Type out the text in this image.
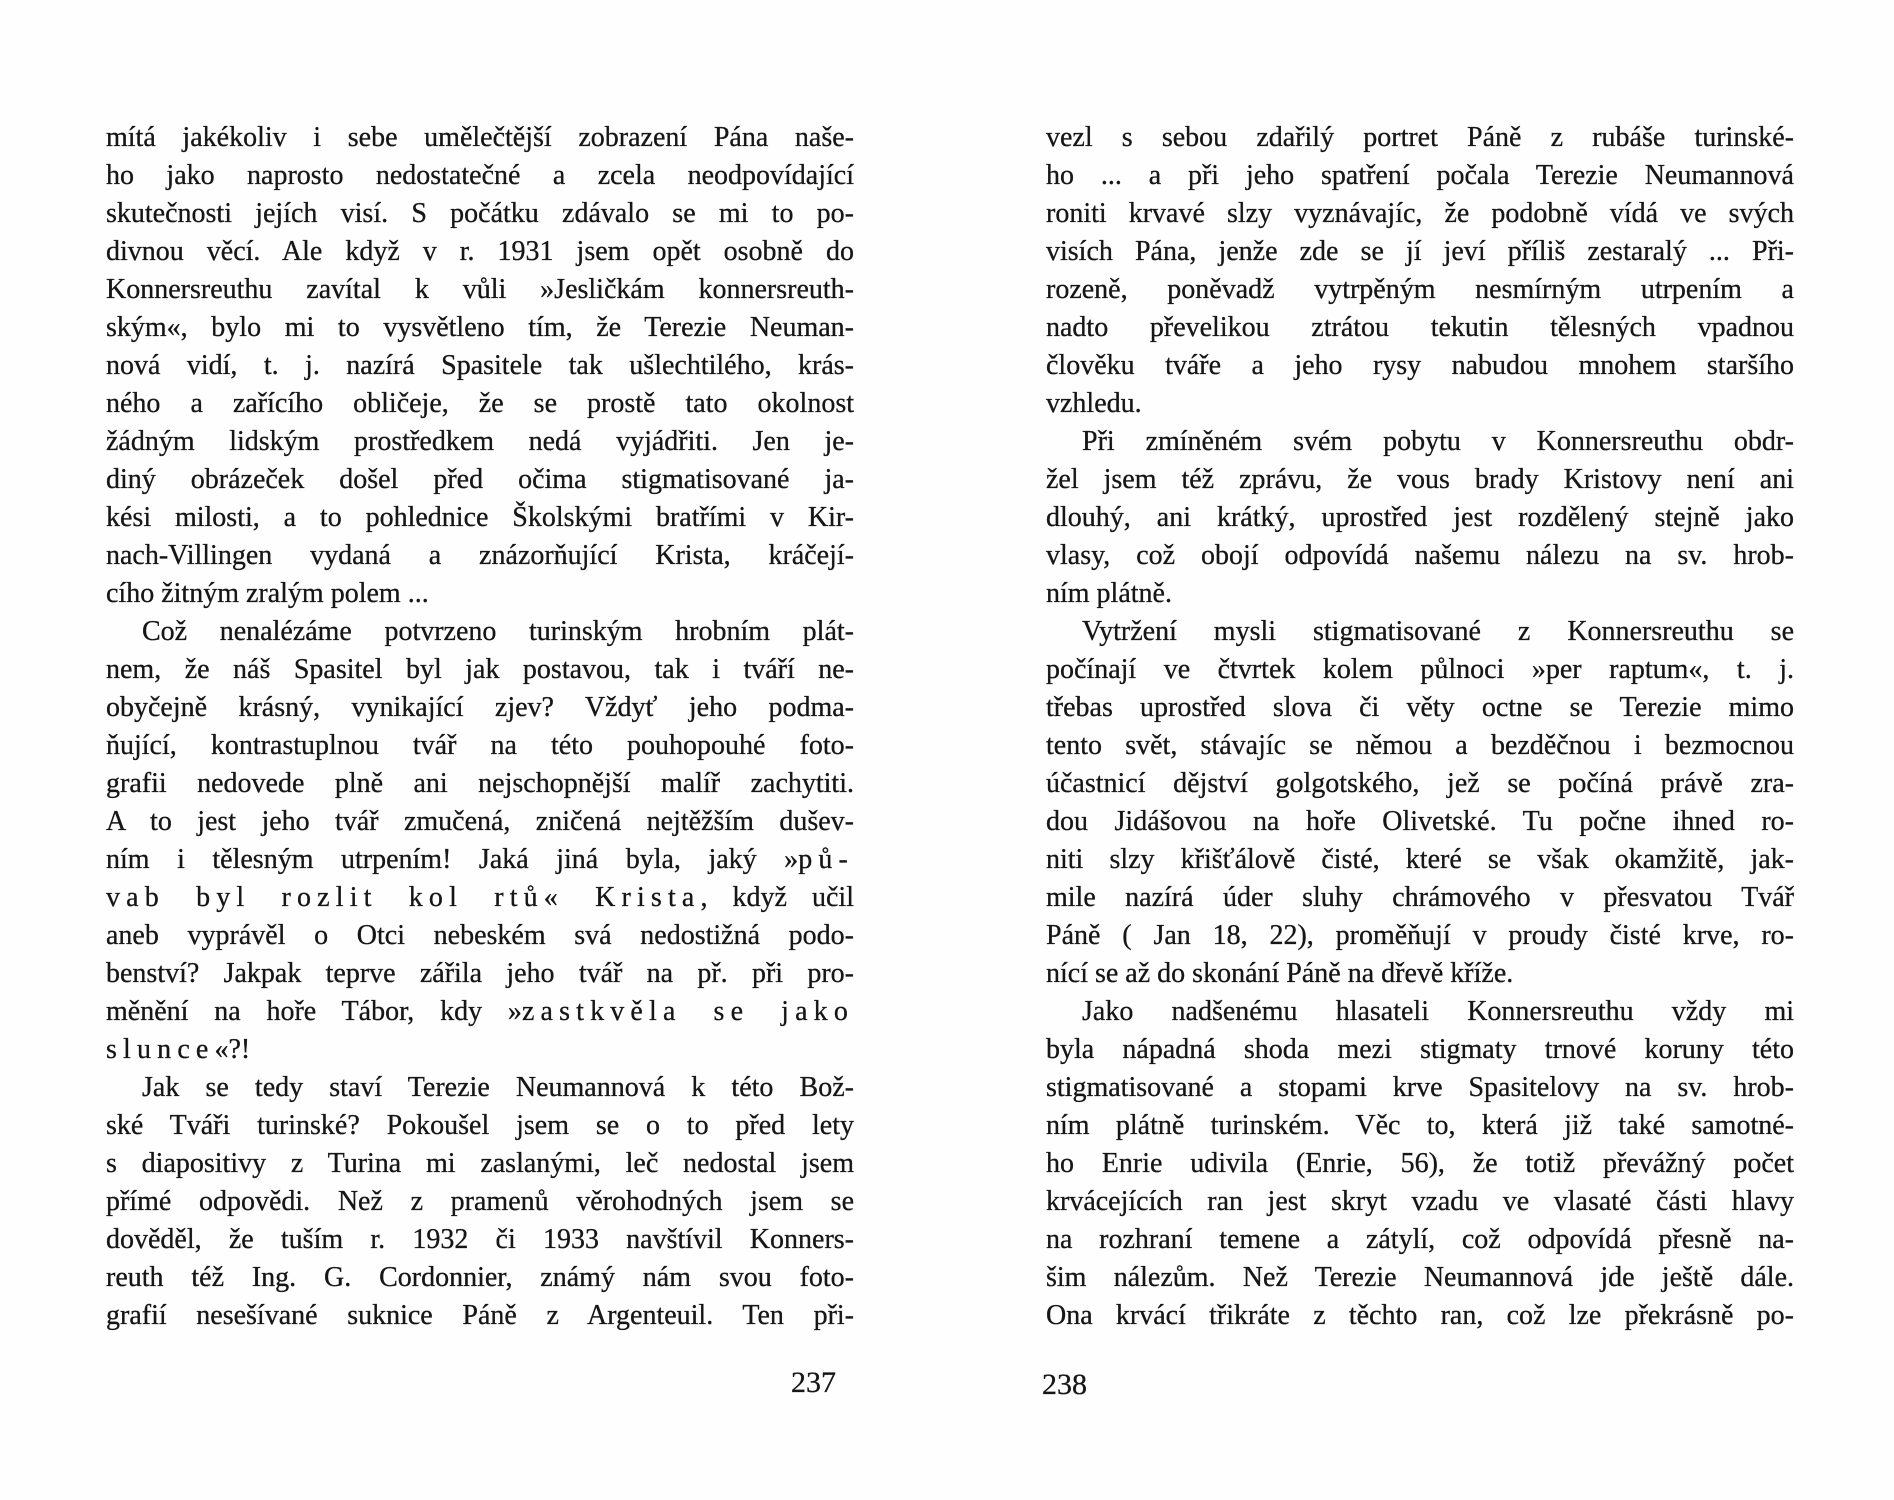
mítá jakékoliv i sebe umělečtější zobrazení Pána naše-
ho jako naprosto nedostatečné a zcela neodpovídající
skutečnosti jejích visí. S počátku zdávalo se mi to po-
divnou věcí. Ale když v r. 1931 jsem opět osobně do
Konnersreuthu zavítal k vůli »Jesličkám konnersreuth-
ským«, bylo mi to vysvětleno tím, že Terezie Neuman-
nová vidí, t. j. nazírá Spasitele tak ušlechtilého, krás-
ného a zařícího obličeje, že se prostě tato okolnost
žádným lidským prostředkem nedá vyjádřiti. Jen je-
diný obrázeček došel před očima stigmatisované ja-
kési milosti, a to pohlednice Školskými bratřími v Kir-
nach-Villingen vydaná a znázorňující Krista, kráčejí-
cího žitným zralým polem ...
Což nenalézáme potvrzeno turinským hrobním plát-
nem, že náš Spasitel byl jak postavou, tak i tváří ne-
obyčejně krásný, vynikající zjev? Vždyť jeho podma-
ňující, kontrastuplnou tvář na této pouhopouhé foto-
grafii nedovede plně ani nejschopnější malíř zachytiti.
A to jest jeho tvář zmučená, zničená nejtěžším dušev-
ním i tělesným utrpením! Jaká jiná byla, jaký »pů-
vab byl rozlit kol rtů« Krista, když učil
aneb vyprávěl o Otci nebeském svá nedostižná podo-
benství? Jakpak teprve zářila jeho tvář na př. při pro-
měnění na hoře Tábor, kdy »zastkvěla se jako
slunce«?!
Jak se tedy staví Terezie Neumannová k této Bož-
ské Tváři turinské? Pokoušel jsem se o to před lety
s diapositivy z Turina mi zaslanými, leč nedostal jsem
přímé odpovědi. Než z pramenů věrohodných jsem se
dověděl, že tuším r. 1932 či 1933 navštívil Konners-
reuth též Ing. G. Cordonnier, známý nám svou foto-
grafií nesešívané suknice Páně z Argenteuil. Ten při-
vezl s sebou zdařilý portret Páně z rubáše turinské-
ho ... a při jeho spatření počala Terezie Neumannová
roniti krvavé slzy vyznávajíc, že podobně vídá ve svých
visích Pána, jenže zde se jí jeví příliš zestaralý ... Při-
rozeně, poněvadž vytrpěným nesmírným utrpením a
nadto převelikou ztrátou tekutin tělesných vpadnou
člověku tváře a jeho rysy nabudou mnohem staršího
vzhledu.
Při zmíněném svém pobytu v Konnersreuthu obdr-
žel jsem též zprávu, že vous brady Kristovy není ani
dlouhý, ani krátký, uprostřed jest rozdělený stejně jako
vlasy, což obojí odpovídá našemu nálezu na sv. hrob-
ním plátně.
Vytržení mysli stigmatisované z Konnersreuthu se
počínají ve čtvrtek kolem půlnoci »per raptum«, t. j.
třebas uprostřed slova či věty octne se Terezie mimo
tento svět, stávajíc se němou a bezděčnou i bezmocnou
účastnicí dějství golgotského, jež se počíná právě zra-
dou Jidášovou na hoře Olivetské. Tu počne ihned ro-
niti slzy křišťálově čisté, které se však okamžitě, jak-
mile nazírá úder sluhy chrámového v přesvatou Tvář
Páně ( Jan 18, 22), proměňují v proudy čisté krve, ro-
nící se až do skonání Páně na dřevě kříže.
Jako nadšenému hlasateli Konnersreuthu vždy mi
byla nápadná shoda mezi stigmaty trnové koruny této
stigmatisované a stopami krve Spasitelovy na sv. hrob-
ním plátně turinském. Věc to, která již také samotné-
ho Enrie udivila (Enrie, 56), že totiž převážný počet
krvácejících ran jest skryt vzadu ve vlasaté části hlavy
na rozhraní temene a zátylí, což odpovídá přesně na-
šim nálezům. Než Terezie Neumannová jde ještě dále.
Ona krvácí třikráte z těchto ran, což lze překrásně po-
237	238
